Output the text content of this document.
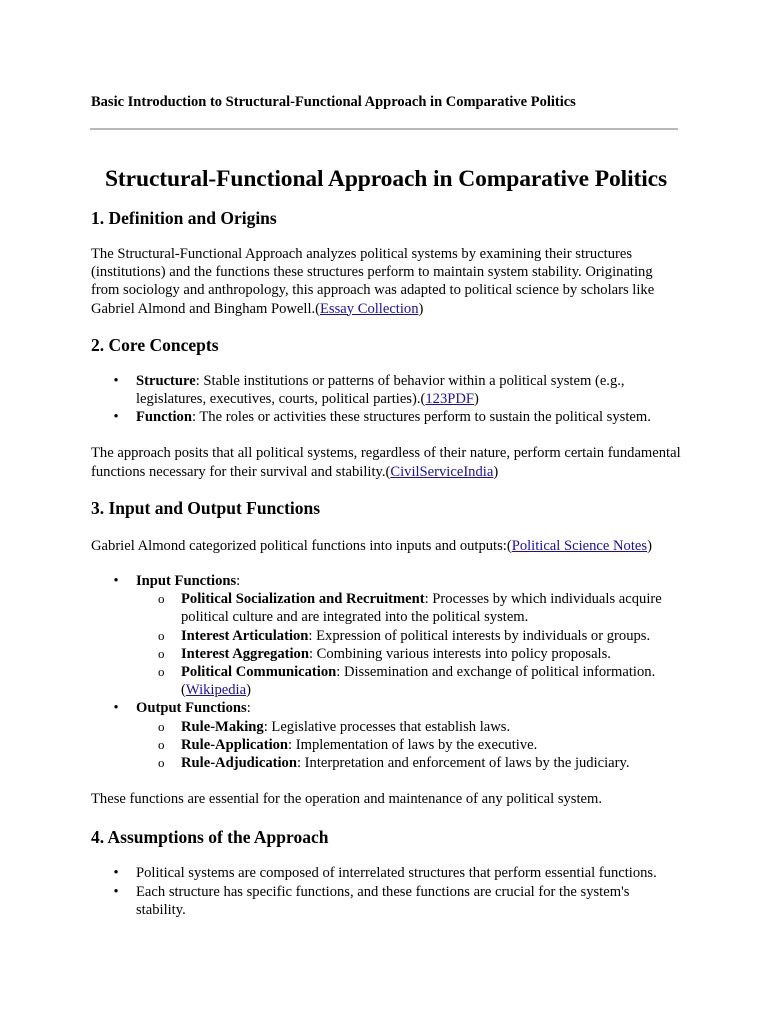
Basic Introduction to Structural-Functional Approach in Comparative Politics
Structural-Functional Approach in Comparative Politics
1. Definition and Origins

The Structural-Functional Approach analyzes political systems by examining their structures (institutions) and the functions these structures perform to maintain system stability. Originating from sociology and anthropology, this approach was adapted to political science by scholars like Gabriel Almond and Bingham Powell.(Essay Collection)

2. Core Concepts
• Structure: Stable institutions or patterns of behavior within a political system (e.g., legislatures, executives, courts, political parties).(123PDF)
• Function: The roles or activities these structures perform to sustain the political system.

The approach posits that all political systems, regardless of their nature, perform certain fundamental functions necessary for their survival and stability.(CivilServiceIndia)

3. Input and Output Functions

Gabriel Almond categorized political functions into inputs and outputs:(Political Science Notes)

• Input Functions:
o Political Socialization and Recruitment: Processes by which individuals acquire political culture and are integrated into the political system.
o Interest Articulation: Expression of political interests by individuals or groups.
o Interest Aggregation: Combining various interests into policy proposals.
o Political Communication: Dissemination and exchange of political information. (Wikipedia)
• Output Functions:
o Rule-Making: Legislative processes that establish laws.
o Rule-Application: Implementation of laws by the executive.
o Rule-Adjudication: Interpretation and enforcement of laws by the judiciary.

These functions are essential for the operation and maintenance of any political system.

4. Assumptions of the Approach
• Political systems are composed of interrelated structures that perform essential functions.
• Each structure has specific functions, and these functions are crucial for the system's stability.
